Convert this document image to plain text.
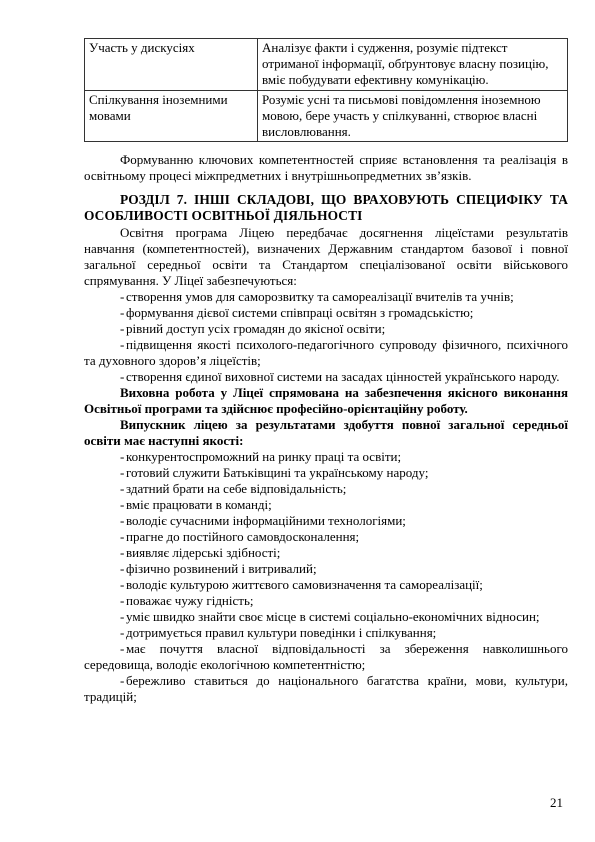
Участь у дискусіях	Аналізує факти і судження, розуміє підтекст отриманої інформації, обґрунтовує власну позицію, вміє побудувати ефективну комунікацію.
Спілкування іноземними мовами	Розуміє усні та письмові повідомлення іноземною мовою, бере участь у спілкуванні, створює власні висловлювання.

Формуванню ключових компетентностей сприяє встановлення та реалізація в освітньому процесі міжпредметних і внутрішньопредметних зв’язків.

РОЗДІЛ 7. ІНШІ СКЛАДОВІ, ЩО ВРАХОВУЮТЬ СПЕЦИФІКУ ТА ОСОБЛИВОСТІ ОСВІТНЬОЇ ДІЯЛЬНОСТІ

Освітня програма Ліцею передбачає досягнення ліцеїстами результатів навчання (компетентностей), визначених Державним стандартом базової і повної загальної середньої освіти та Стандартом спеціалізованої освіти військового спрямування. У Ліцеї забезпечуються:

- створення умов для саморозвитку та самореалізації вчителів та учнів;

- формування дієвої системи співпраці освітян з громадськістю;

- рівний доступ усіх громадян до якісної освіти;

- підвищення якості психолого-педагогічного супроводу фізичного, психічного та духовного здоров’я ліцеїстів;

- створення єдиної виховної системи на засадах цінностей українського народу.

Виховна робота у Ліцеї спрямована на забезпечення якісного виконання Освітньої програми та здійснює професійно-орієнтаційну роботу.

Випускник ліцею за результатами здобуття повної загальної середньої освіти має наступні якості:

- конкурентоспроможний на ринку праці та освіти;

- готовий служити Батьківщині та українському народу;

- здатний брати на себе відповідальність;

- вміє працювати в команді;

- володіє сучасними інформаційними технологіями;

- прагне до постійного самовдосконалення;

- виявляє лідерські здібності;

- фізично розвинений і витривалий;

- володіє культурою життєвого самовизначення та самореалізації;

- поважає чужу гідність;

- уміє швидко знайти своє місце в системі соціально-економічних відносин;

- дотримується правил культури поведінки і спілкування;

- має почуття власної відповідальності за збереження навколишнього середовища, володіє екологічною компетентністю;

- бережливо ставиться до національного багатства країни, мови, культури, традицій;

21
